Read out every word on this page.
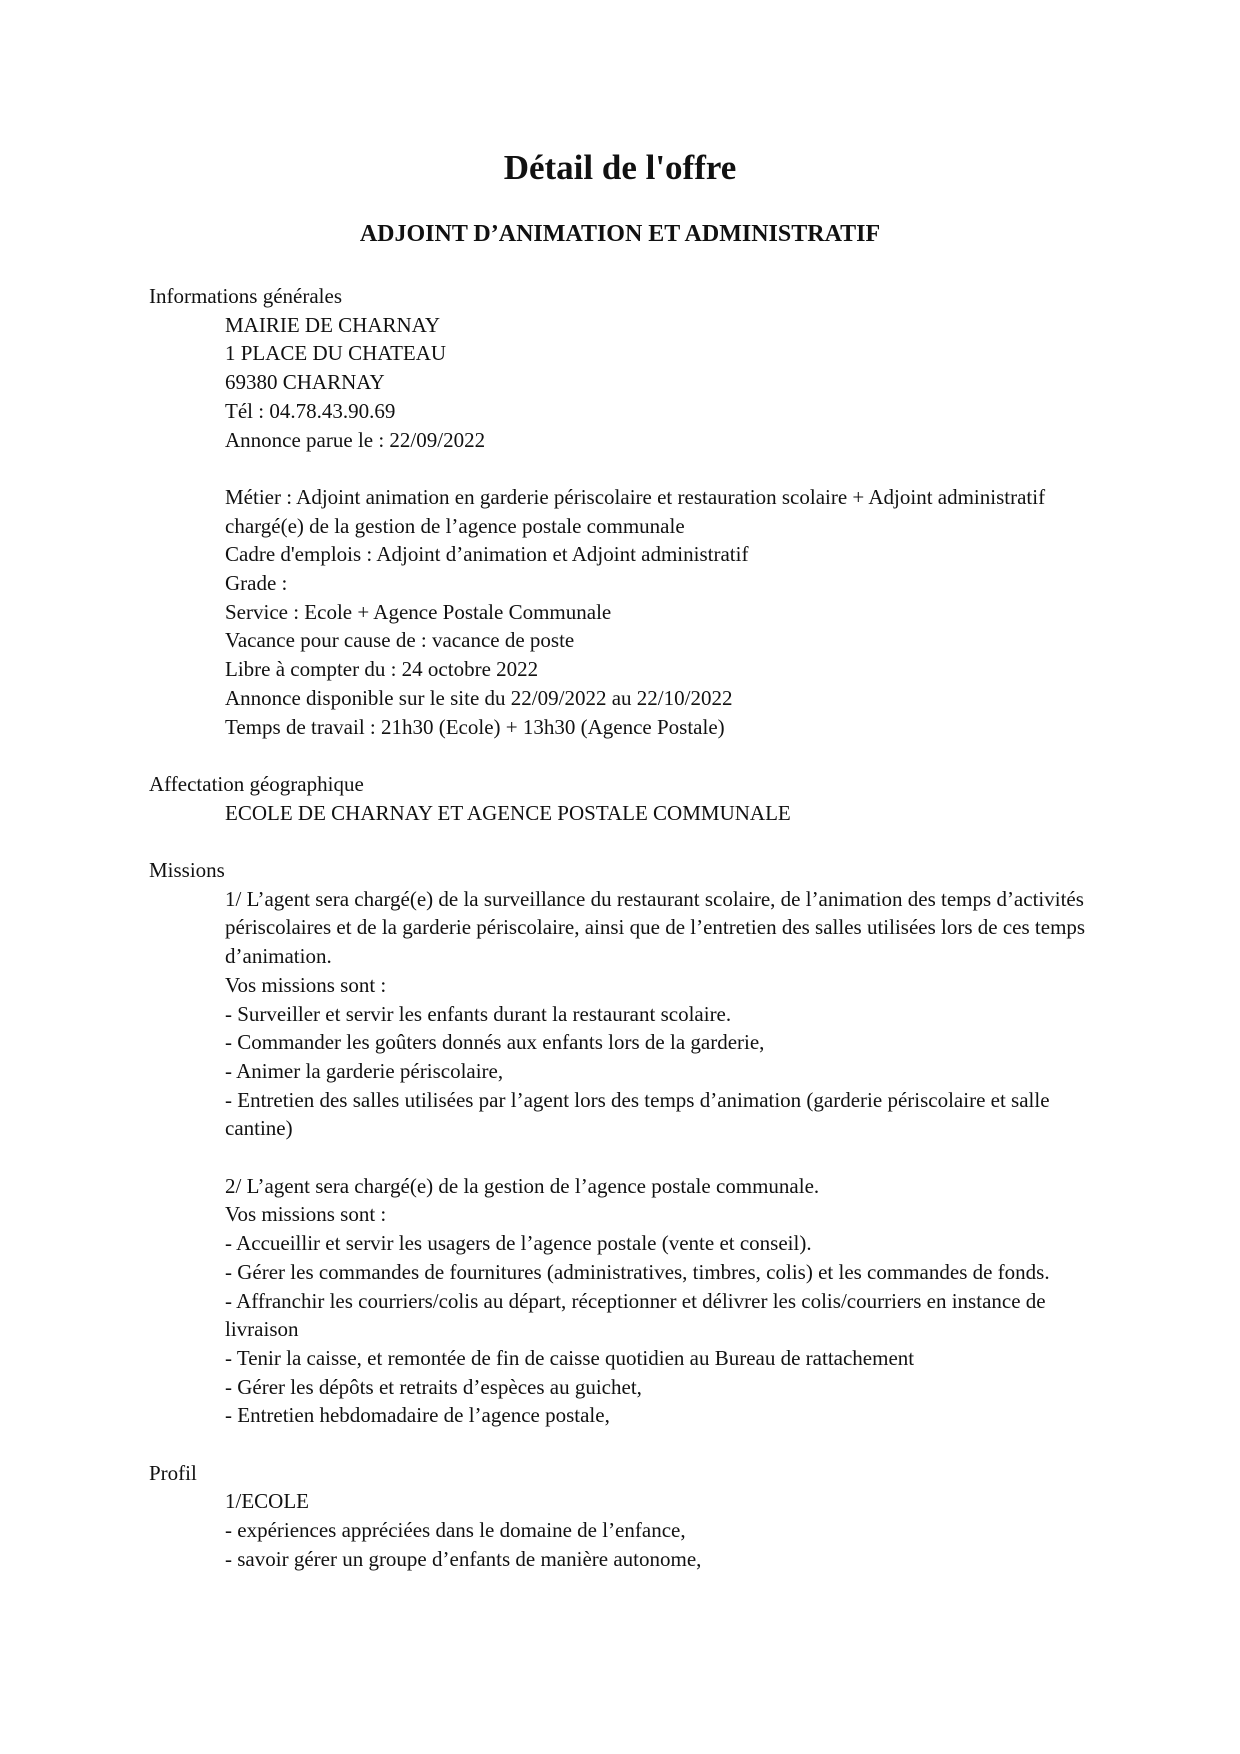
Détail de l'offre
ADJOINT D’ANIMATION ET ADMINISTRATIF

Informations générales

MAIRIE DE CHARNAY

1 PLACE DU CHATEAU

69380 CHARNAY

Tél : 04.78.43.90.69

Annonce parue le : 22/09/2022

Métier : Adjoint animation en garderie périscolaire et restauration scolaire + Adjoint administratif chargé(e) de la gestion de l’agence postale communale

Cadre d'emplois : Adjoint d’animation et Adjoint administratif

Grade :

Service : Ecole + Agence Postale Communale

Vacance pour cause de : vacance de poste

Libre à compter du : 24 octobre 2022

Annonce disponible sur le site du 22/09/2022 au 22/10/2022

Temps de travail : 21h30 (Ecole) + 13h30 (Agence Postale)

Affectation géographique

ECOLE DE CHARNAY ET AGENCE POSTALE COMMUNALE

Missions

1/ L’agent sera chargé(e) de la surveillance du restaurant scolaire, de l’animation des temps d’activités périscolaires et de la garderie périscolaire, ainsi que de l’entretien des salles utilisées lors de ces temps d’animation.

Vos missions sont :

- Surveiller et servir les enfants durant la restaurant scolaire.

- Commander les goûters donnés aux enfants lors de la garderie,

- Animer la garderie périscolaire,

- Entretien des salles utilisées par l’agent lors des temps d’animation (garderie périscolaire et salle cantine)

2/ L’agent sera chargé(e) de la gestion de l’agence postale communale.

Vos missions sont :

- Accueillir et servir les usagers de l’agence postale (vente et conseil).

- Gérer les commandes de fournitures (administratives, timbres, colis) et les commandes de fonds.

- Affranchir les courriers/colis au départ, réceptionner et délivrer les colis/courriers en instance de livraison

- Tenir la caisse, et remontée de fin de caisse quotidien au Bureau de rattachement

- Gérer les dépôts et retraits d’espèces au guichet,

- Entretien hebdomadaire de l’agence postale,

Profil

1/ECOLE

- expériences appréciées dans le domaine de l’enfance,

- savoir gérer un groupe d’enfants de manière autonome,
